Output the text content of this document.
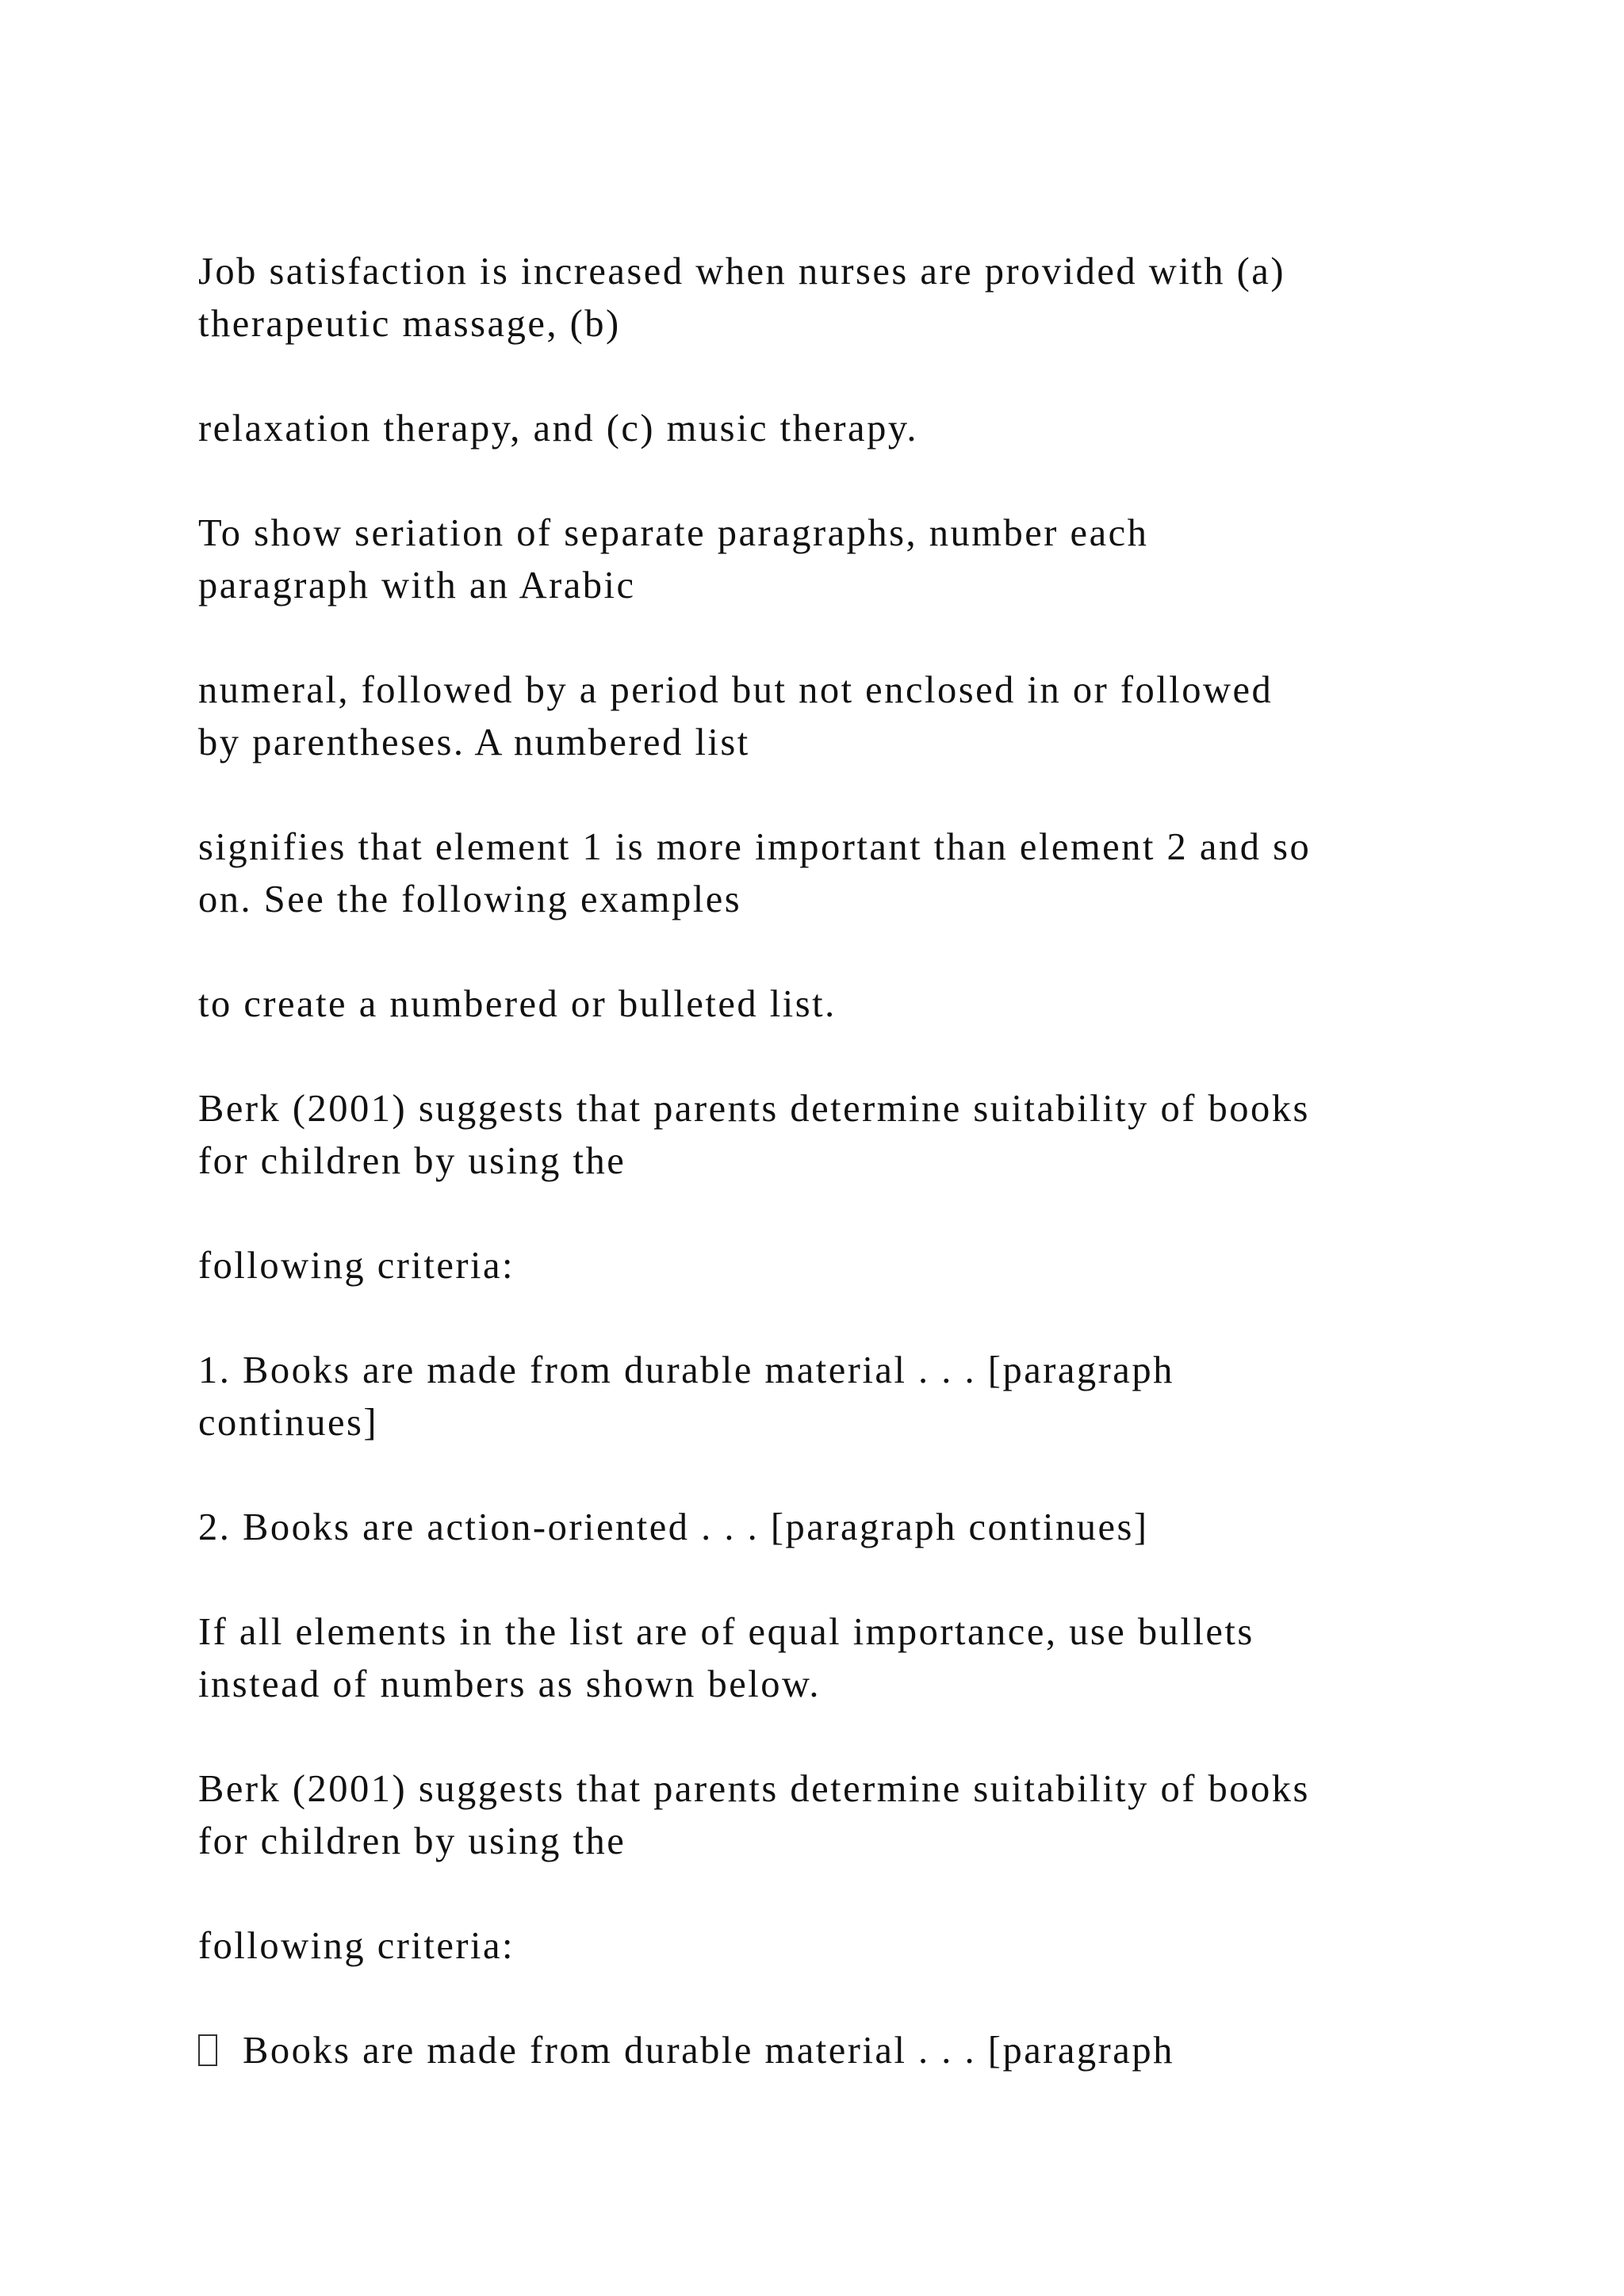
Job satisfaction is increased when nurses are provided with (a)
therapeutic massage, (b)

relaxation therapy, and (c) music therapy.

To show seriation of separate paragraphs, number each
paragraph with an Arabic

numeral, followed by a period but not enclosed in or followed
by parentheses. A numbered list

signifies that element 1 is more important than element 2 and so
on. See the following examples

to create a numbered or bulleted list.

Berk (2001) suggests that parents determine suitability of books
for children by using the

following criteria:

1. Books are made from durable material . . . [paragraph
continues]

2. Books are action-oriented . . . [paragraph continues]

If all elements in the list are of equal importance, use bullets
instead of numbers as shown below.

Berk (2001) suggests that parents determine suitability of books
for children by using the

following criteria:

Books are made from durable material . . . [paragraph
